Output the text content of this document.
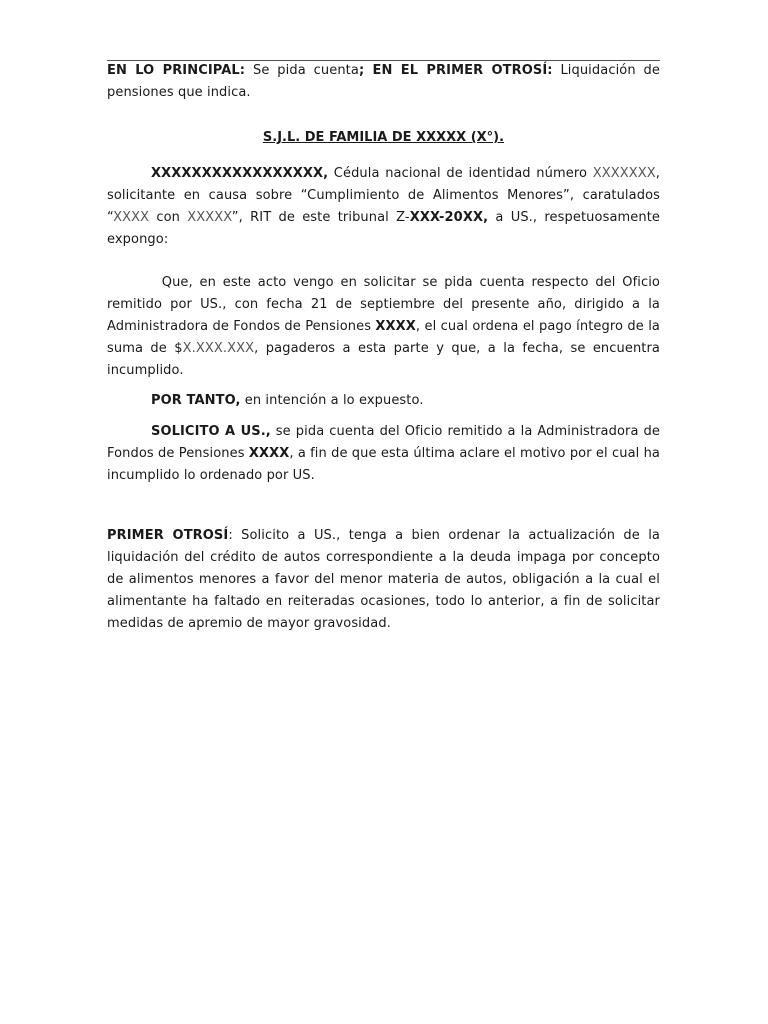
EN LO PRINCIPAL: Se pida cuenta; EN EL PRIMER OTROSÍ: Liquidación de pensiones que indica.

S.J.L. DE FAMILIA DE XXXXX (X°).

XXXXXXXXXXXXXXXXX, Cédula nacional de identidad número XXXXXXX, solicitante en causa sobre “Cumplimiento de Alimentos Menores”, caratulados “XXXX con XXXXX”, RIT de este tribunal Z-XXX-20XX, a US., respetuosamente expongo:

Que, en este acto vengo en solicitar se pida cuenta respecto del Oficio remitido por US., con fecha 21 de septiembre del presente año, dirigido a la Administradora de Fondos de Pensiones XXXX, el cual ordena el pago íntegro de la suma de $X.XXX.XXX, pagaderos a esta parte y que, a la fecha, se encuentra incumplido.

POR TANTO, en intención a lo expuesto.

SOLICITO A US., se pida cuenta del Oficio remitido a la Administradora de Fondos de Pensiones XXXX, a fin de que esta última aclare el motivo por el cual ha incumplido lo ordenado por US.

PRIMER OTROSÍ: Solicito a US., tenga a bien ordenar la actualización de la liquidación del crédito de autos correspondiente a la deuda impaga por concepto de alimentos menores a favor del menor materia de autos, obligación a la cual el alimentante ha faltado en reiteradas ocasiones, todo lo anterior, a fin de solicitar medidas de apremio de mayor gravosidad.
